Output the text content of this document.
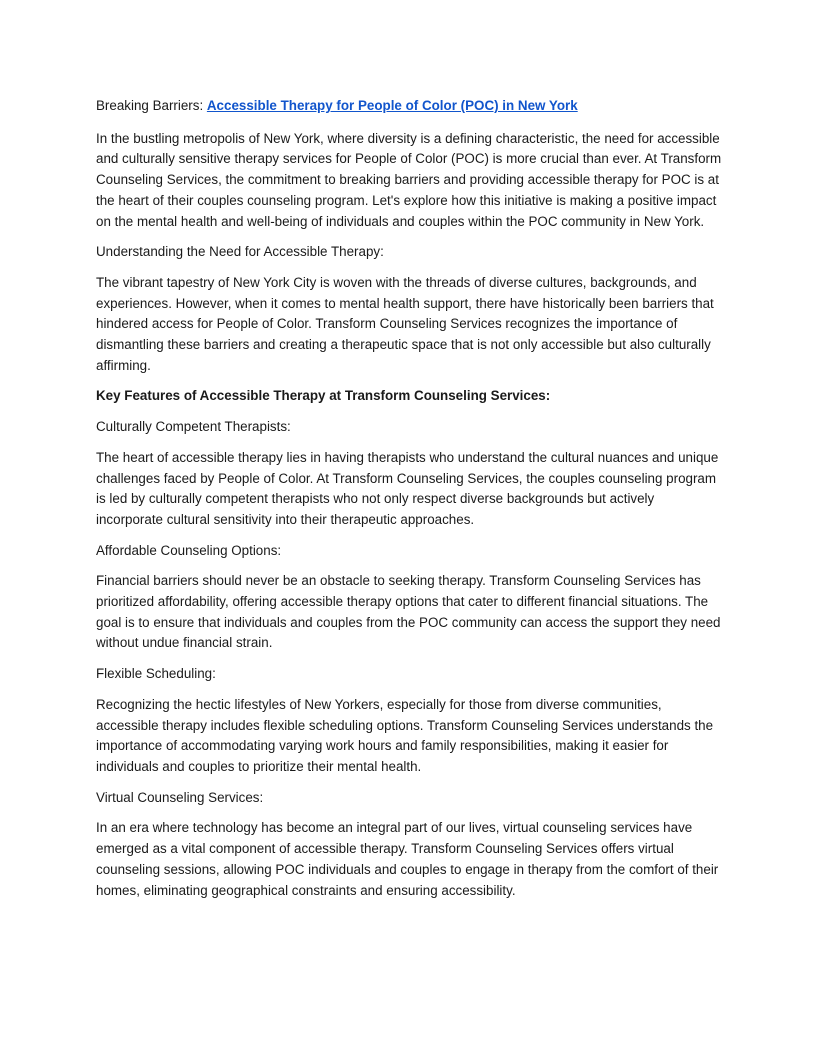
Breaking Barriers: Accessible Therapy for People of Color (POC) in New York

In the bustling metropolis of New York, where diversity is a defining characteristic, the need for accessible and culturally sensitive therapy services for People of Color (POC) is more crucial than ever. At Transform Counseling Services, the commitment to breaking barriers and providing accessible therapy for POC is at the heart of their couples counseling program. Let's explore how this initiative is making a positive impact on the mental health and well-being of individuals and couples within the POC community in New York.

Understanding the Need for Accessible Therapy:

The vibrant tapestry of New York City is woven with the threads of diverse cultures, backgrounds, and experiences. However, when it comes to mental health support, there have historically been barriers that hindered access for People of Color. Transform Counseling Services recognizes the importance of dismantling these barriers and creating a therapeutic space that is not only accessible but also culturally affirming.

Key Features of Accessible Therapy at Transform Counseling Services:

Culturally Competent Therapists:

The heart of accessible therapy lies in having therapists who understand the cultural nuances and unique challenges faced by People of Color. At Transform Counseling Services, the couples counseling program is led by culturally competent therapists who not only respect diverse backgrounds but actively incorporate cultural sensitivity into their therapeutic approaches.

Affordable Counseling Options:

Financial barriers should never be an obstacle to seeking therapy. Transform Counseling Services has prioritized affordability, offering accessible therapy options that cater to different financial situations. The goal is to ensure that individuals and couples from the POC community can access the support they need without undue financial strain.

Flexible Scheduling:

Recognizing the hectic lifestyles of New Yorkers, especially for those from diverse communities, accessible therapy includes flexible scheduling options. Transform Counseling Services understands the importance of accommodating varying work hours and family responsibilities, making it easier for individuals and couples to prioritize their mental health.

Virtual Counseling Services:

In an era where technology has become an integral part of our lives, virtual counseling services have emerged as a vital component of accessible therapy. Transform Counseling Services offers virtual counseling sessions, allowing POC individuals and couples to engage in therapy from the comfort of their homes, eliminating geographical constraints and ensuring accessibility.
